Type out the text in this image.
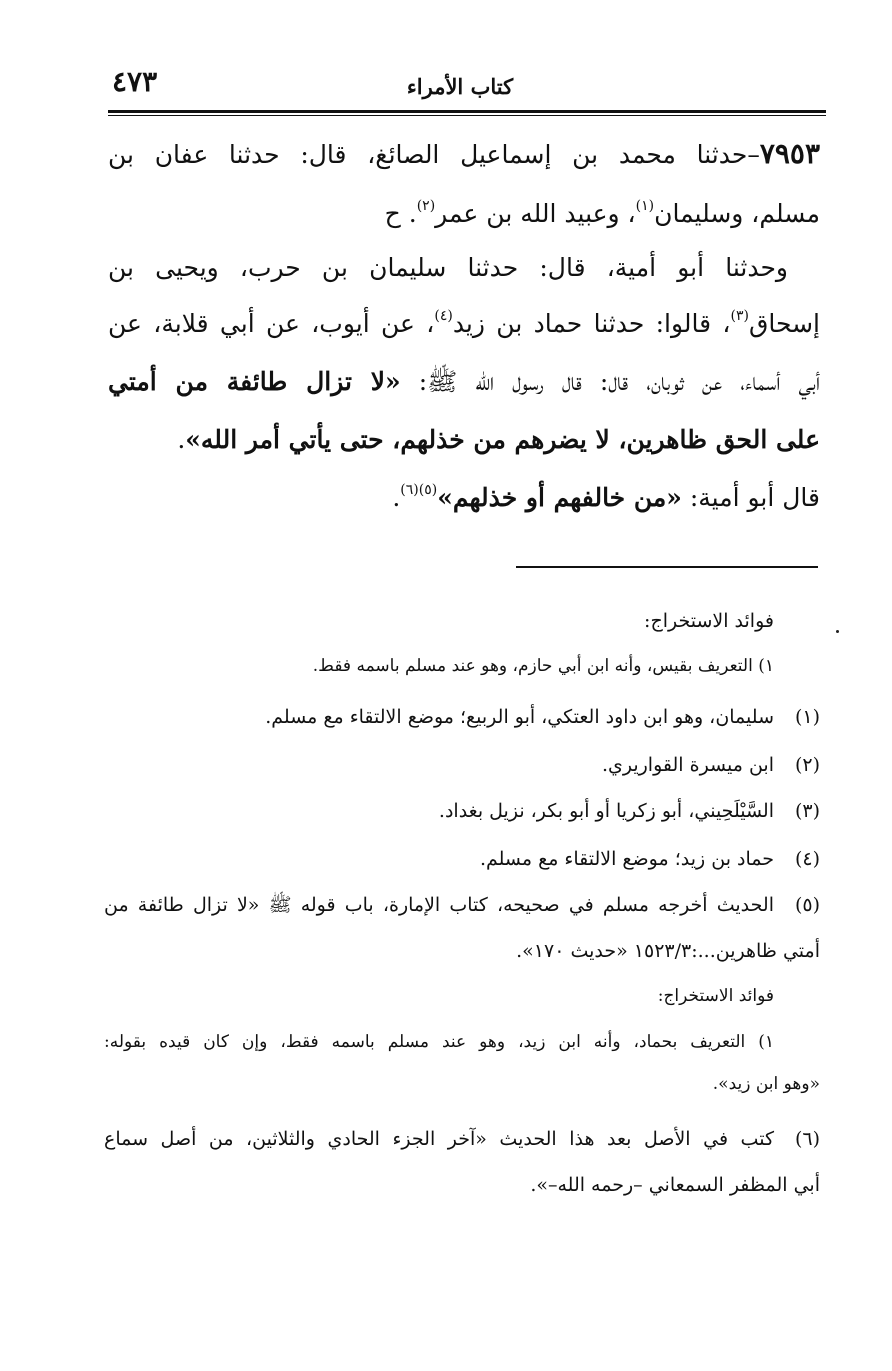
كتاب الأمراء
٤٧٣
٧٩٥٣–حدثنا محمد بن إسماعيل الصائغ، قال: حدثنا عفان بن
مسلم، وسليمان$^{(١)}$، وعبيد الله بن عمر$^{(٢)}$. ح
وحدثنا أبو أمية، قال: حدثنا سليمان بن حرب، ويحيى بن
إسحاق$^{(٣)}$، قالوا: حدثنا حماد بن زيد$^{(٤)}$، عن أيوب، عن أبي قلابة، عن
أبي أسماء، عن ثوبان، قال: قال رسول الله ﷺ: «لا تزال طائفة من أمتي
على الحق ظاهرين، لا يضرهم من خذلهم، حتى يأتي أمر الله».
قال أبو أمية: «من خالفهم أو خذلهم»$^{(٥)(٦)}$.
فوائد الاستخراج:
١) التعريف بقيس، وأنه ابن أبي حازم، وهو عند مسلم باسمه فقط.
(١)سليمان، وهو ابن داود العتكي، أبو الربيع؛ موضع الالتقاء مع مسلم.
(٢)ابن ميسرة القواريري.
(٣)السَّيْلَحِيني، أبو زكريا أو أبو بكر، نزيل بغداد.
(٤)حماد بن زيد؛ موضع الالتقاء مع مسلم.
(٥)الحديث أخرجه مسلم في صحيحه، كتاب الإمارة، باب قوله ﷺ «لا تزال طائفة من
أمتي ظاهرين...:١٥٢٣/٣ «حديث ١٧٠».
فوائد الاستخراج:
١) التعريف بحماد، وأنه ابن زيد، وهو عند مسلم باسمه فقط، وإن كان قيده بقوله:
«وهو ابن زيد».
(٦)كتب في الأصل بعد هذا الحديث «آخر الجزء الحادي والثلاثين، من أصل سماع
أبي المظفر السمعاني –رحمه الله–».
